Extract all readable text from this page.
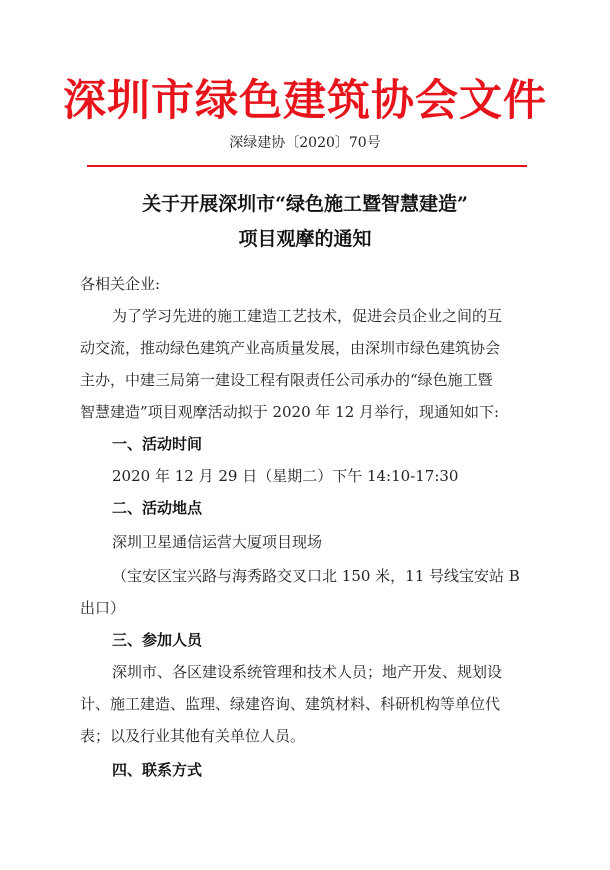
深圳市绿色建筑协会文件
深绿建协〔2020〕70号
关于开展深圳市“绿色施工暨智慧建造”
项目观摩的通知
各相关企业:
为了学习先进的施工建造工艺技术，促进会员企业之间的互
动交流，推动绿色建筑产业高质量发展，由深圳市绿色建筑协会
主办，中建三局第一建设工程有限责任公司承办的“绿色施工暨
智慧建造”项目观摩活动拟于 2020 年 12 月举行，现通知如下:
一、活动时间
2020 年 12 月 29 日（星期二）下午 14:10-17:30
二、活动地点
深圳卫星通信运营大厦项目现场
（宝安区宝兴路与海秀路交叉口北 150 米，11 号线宝安站 B
出口）
三、参加人员
深圳市、各区建设系统管理和技术人员；地产开发、规划设
计、施工建造、监理、绿建咨询、建筑材料、科研机构等单位代
表；以及行业其他有关单位人员。
四、联系方式
